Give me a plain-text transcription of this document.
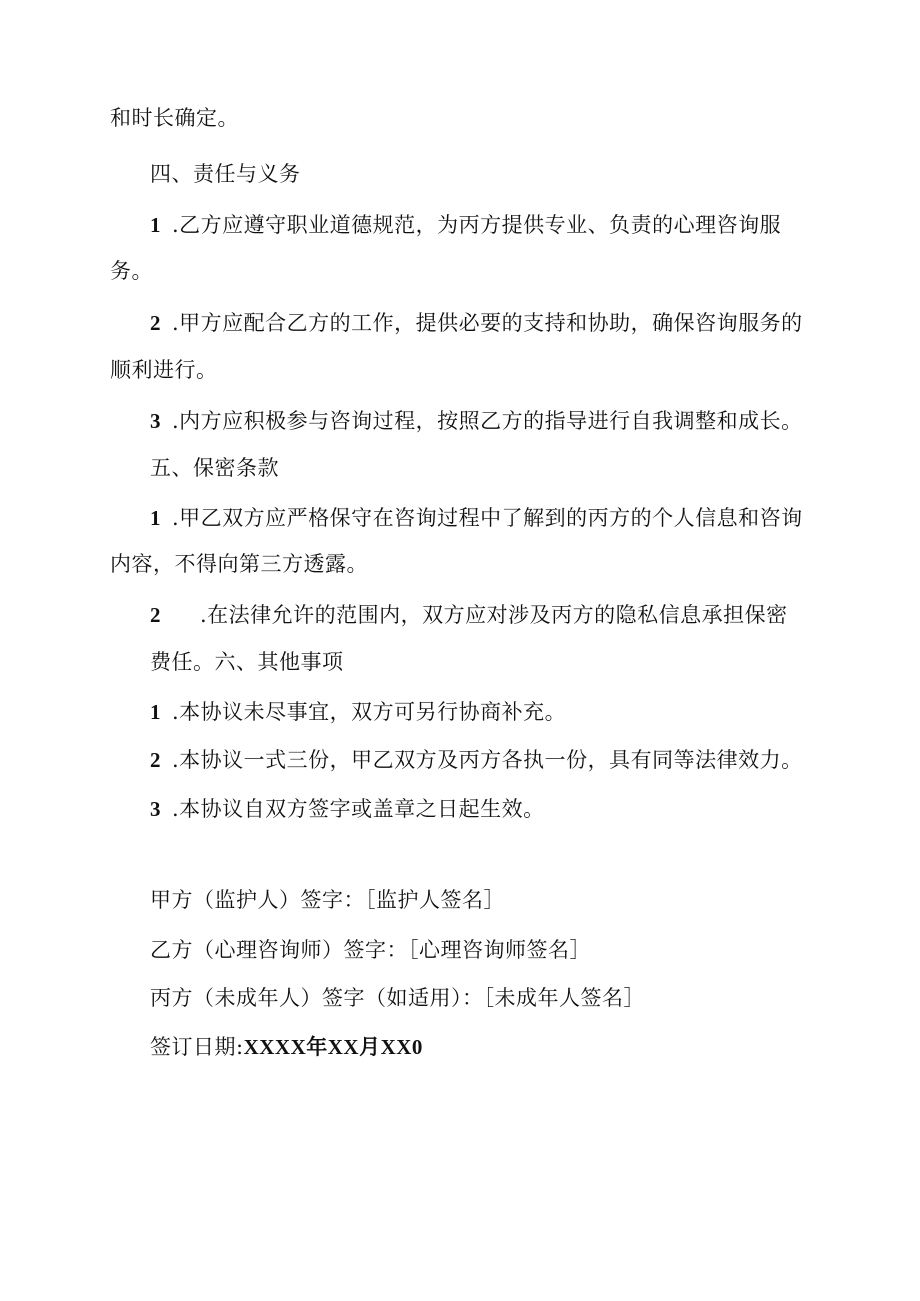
和时长确定。
四、责任与义务
1 .乙方应遵守职业道德规范，为丙方提供专业、负责的心理咨询服
务。
2 .甲方应配合乙方的工作，提供必要的支持和协助，确保咨询服务的
顺利进行。
3 .内方应积极参与咨询过程，按照乙方的指导进行自我调整和成长。
五、保密条款
1 .甲乙双方应严格保守在咨询过程中了解到的丙方的个人信息和咨询
内容，不得向第三方透露。
2 .在法律允许的范围内，双方应对涉及丙方的隐私信息承担保密
费任。六、其他事项
1 .本协议未尽事宜，双方可另行协商补充。
2 .本协议一式三份，甲乙双方及丙方各执一份，具有同等法律效力。
3 .本协议自双方签字或盖章之日起生效。
甲方（监护人）签字：［监护人签名］
乙方（心理咨询师）签字：［心理咨询师签名］
丙方（未成年人）签字（如适用）：［未成年人签名］
签订日期:XXXX年XX月XX0
